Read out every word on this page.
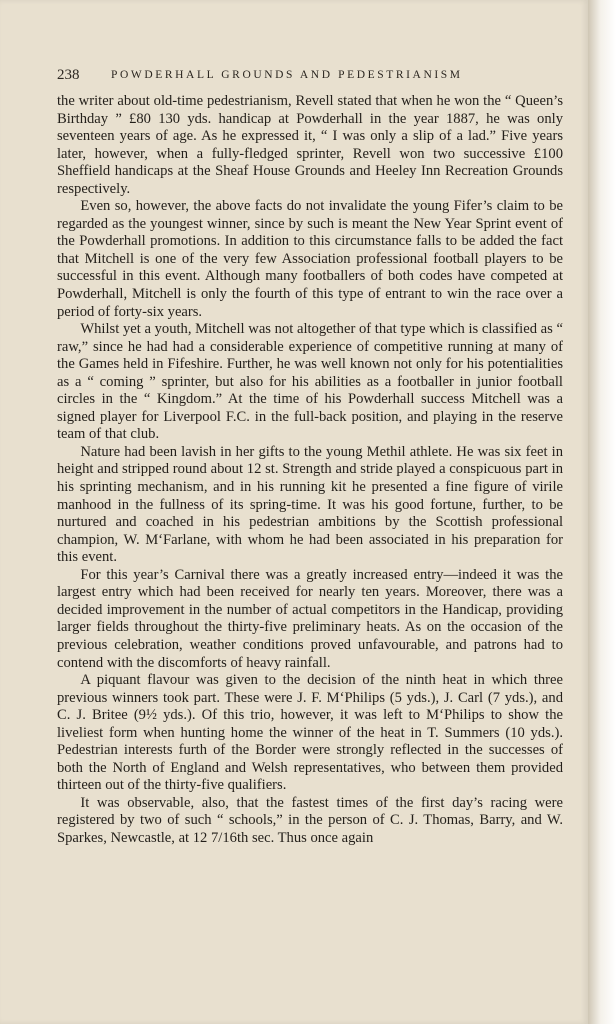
238	POWDERHALL GROUNDS AND PEDESTRIANISM

the writer about old-time pedestrianism, Revell stated that when he won the “ Queen’s Birthday ” £80 130 yds. handicap at Powderhall in the year 1887, he was only seventeen years of age. As he expressed it, “ I was only a slip of a lad.” Five years later, however, when a fully-fledged sprinter, Revell won two successive £100 Sheffield handicaps at the Sheaf House Grounds and Heeley Inn Recreation Grounds respectively.

Even so, however, the above facts do not invalidate the young Fifer’s claim to be regarded as the youngest winner, since by such is meant the New Year Sprint event of the Powderhall promotions. In addition to this circumstance falls to be added the fact that Mitchell is one of the very few Association professional football players to be successful in this event. Although many footballers of both codes have competed at Powderhall, Mitchell is only the fourth of this type of entrant to win the race over a period of forty-six years.

Whilst yet a youth, Mitchell was not altogether of that type which is classified as “ raw,” since he had had a considerable experience of competitive running at many of the Games held in Fifeshire. Further, he was well known not only for his potentialities as a “ coming ” sprinter, but also for his abilities as a footballer in junior football circles in the “ Kingdom.” At the time of his Powderhall success Mitchell was a signed player for Liverpool F.C. in the full-back position, and playing in the reserve team of that club.

Nature had been lavish in her gifts to the young Methil athlete. He was six feet in height and stripped round about 12 st. Strength and stride played a conspicuous part in his sprinting mechanism, and in his running kit he presented a fine figure of virile manhood in the fullness of its spring-time. It was his good fortune, further, to be nurtured and coached in his pedestrian ambitions by the Scottish professional champion, W. M‘Farlane, with whom he had been associated in his preparation for this event.

For this year’s Carnival there was a greatly increased entry—indeed it was the largest entry which had been received for nearly ten years. Moreover, there was a decided improvement in the number of actual competitors in the Handicap, providing larger fields throughout the thirty-five preliminary heats. As on the occasion of the previous celebration, weather conditions proved unfavourable, and patrons had to contend with the discomforts of heavy rainfall.

A piquant flavour was given to the decision of the ninth heat in which three previous winners took part. These were J. F. M‘Philips (5 yds.), J. Carl (7 yds.), and C. J. Britee (9½ yds.). Of this trio, however, it was left to M‘Philips to show the liveliest form when hunting home the winner of the heat in T. Summers (10 yds.). Pedestrian interests furth of the Border were strongly reflected in the successes of both the North of England and Welsh representatives, who between them provided thirteen out of the thirty-five qualifiers.

It was observable, also, that the fastest times of the first day’s racing were registered by two of such “ schools,” in the person of C. J. Thomas, Barry, and W. Sparkes, Newcastle, at 12 7/16th sec. Thus once again
